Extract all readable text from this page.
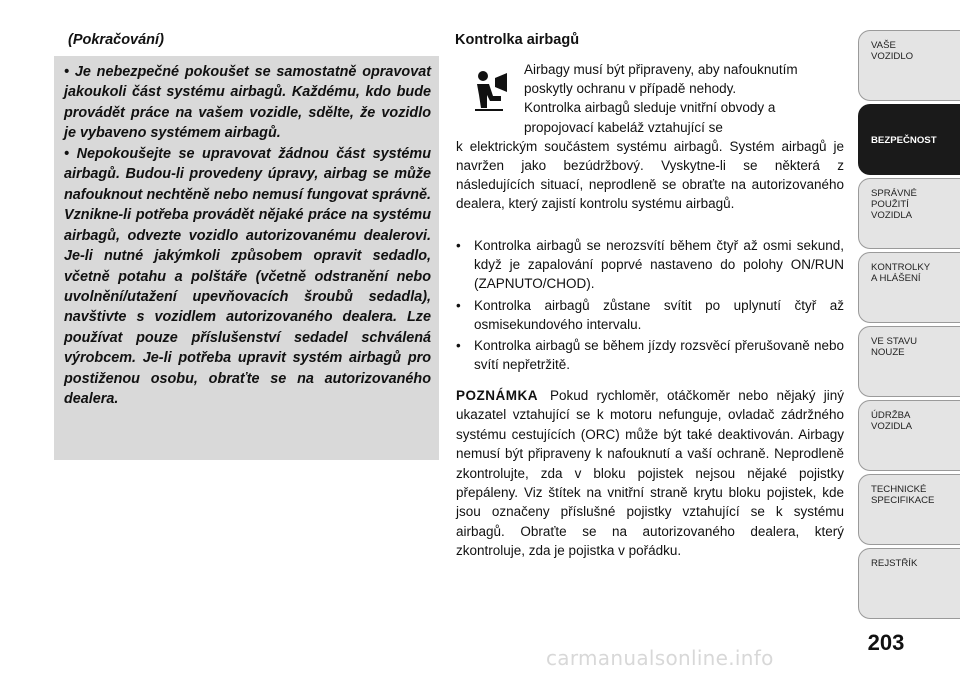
(Pokračování)

• Je nebezpečné pokoušet se samostatně opravovat jakoukoli část systému airbagů. Každému, kdo bude provádět práce na vašem vozidle, sdělte, že vozidlo je vybaveno systémem airbagů.

• Nepokoušejte se upravovat žádnou část systému airbagů. Budou-li provedeny úpravy, airbag se může nafouknout nechtěně nebo nemusí fungovat správně. Vznikne-li potřeba provádět nějaké práce na systému airbagů, odvezte vozidlo autorizovanému dealerovi. Je-li nutné jakýmkoli způsobem opravit sedadlo, včetně potahu a polštáře (včetně odstranění nebo uvolnění/utažení upevňovacích šroubů sedadla), navštivte s vozidlem autorizovaného dealera. Lze používat pouze příslušenství sedadel schválená výrobcem. Je-li potřeba upravit systém airbagů pro postiženou osobu, obraťte se na autorizovaného dealera.

Kontrolka airbagů
Airbagy musí být připraveny, aby nafouknutím
poskytly ochranu v případě nehody.
Kontrolka airbagů sleduje vnitřní obvody a
propojovací kabeláž vztahující se
k elektrickým součástem systému airbagů. Systém airbagů je navržen jako bezúdržbový. Vyskytne-li se některá z následujících situací, neprodleně se obraťte na autorizovaného dealera, který zajistí kontrolu systému airbagů.
• Kontrolka airbagů se nerozsvítí během čtyř až osmi sekund, když je zapalování poprvé nastaveno do polohy ON/RUN (ZAPNUTO/CHOD).
• Kontrolka airbagů zůstane svítit po uplynutí čtyř až osmisekundového intervalu.
• Kontrolka airbagů se během jízdy rozsvěcí přerušovaně nebo svítí nepřetržitě.

POZNÁMKA Pokud rychloměr, otáčkoměr nebo nějaký jiný ukazatel vztahující se k motoru nefunguje, ovladač zádržného systému cestujících (ORC) může být také deaktivován. Airbagy nemusí být připraveny k nafouknutí a vaší ochraně. Neprodleně zkontrolujte, zda v bloku pojistek nejsou nějaké pojistky přepáleny. Viz štítek na vnitřní straně krytu bloku pojistek, kde jsou označeny příslušné pojistky vztahující se k systému airbagů. Obraťte se na autorizovaného dealera, který zkontroluje, zda je pojistka v pořádku.

VAŠE
VOZIDLO
BEZPEČNOST
SPRÁVNÉ
POUŽITÍ
VOZIDLA
KONTROLKY
A HLÁŠENÍ
VE STAVU
NOUZE
ÚDRŽBA
VOZIDLA
TECHNICKÉ
SPECIFIKACE
REJSTŘÍK
203
carmanualsonline.info
